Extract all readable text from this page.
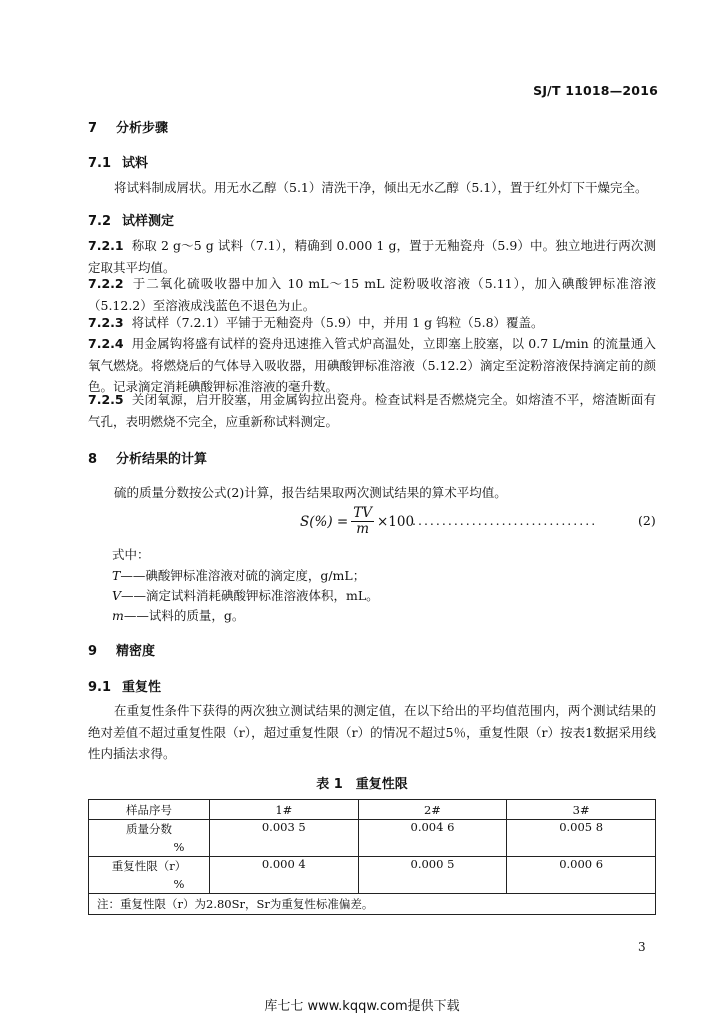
SJ/T 11018—2016
7 分析步骤
7.1 试料
将试料制成屑状。用无水乙醇（5.1）清洗干净，倾出无水乙醇（5.1），置于红外灯下干燥完全。
7.2 试样测定
7.2.1 称取 2 g～5 g 试料（7.1），精确到 0.000 1 g，置于无釉瓷舟（5.9）中。独立地进行两次测定取其平均值。
7.2.2 于二氧化硫吸收器中加入 10 mL～15 mL 淀粉吸收溶液（5.11），加入碘酸钾标准溶液（5.12.2）至溶液成浅蓝色不退色为止。
7.2.3 将试样（7.2.1）平铺于无釉瓷舟（5.9）中，并用 1 g 钨粒（5.8）覆盖。
7.2.4 用金属钩将盛有试样的瓷舟迅速推入管式炉高温处，立即塞上胶塞，以 0.7 L/min 的流量通入氧气燃烧。将燃烧后的气体导入吸收器，用碘酸钾标准溶液（5.12.2）滴定至淀粉溶液保持滴定前的颜色。记录滴定消耗碘酸钾标准溶液的毫升数。
7.2.5 关闭氧源，启开胶塞，用金属钩拉出瓷舟。检查试料是否燃烧完全。如熔渣不平，熔渣断面有气孔，表明燃烧不完全，应重新称试料测定。
8 分析结果的计算
硫的质量分数按公式(2)计算，报告结果取两次测试结果的算术平均值。
$S(\%) = \frac{TV}{m} \times 100$
...............................	(2)
式中：
T——碘酸钾标准溶液对硫的滴定度，g/mL；
V——滴定试料消耗碘酸钾标准溶液体积，mL。
m——试料的质量，g。
9 精密度
9.1 重复性
在重复性条件下获得的两次独立测试结果的测定值，在以下给出的平均值范围内，两个测试结果的绝对差值不超过重复性限（r），超过重复性限（r）的情况不超过5％，重复性限（r）按表1数据采用线性内插法求得。
表 1　重复性限
样品序号	1#	2#	3#

质量分数
%	0.003 5	0.004 6	0.005 8

重复性限（r）
%	0.000 4	0.000 5	0.000 6

注：重复性限（r）为2.80Sr，Sr为重复性标准偏差。			
3
库七七 www.kqqw.com提供下载
